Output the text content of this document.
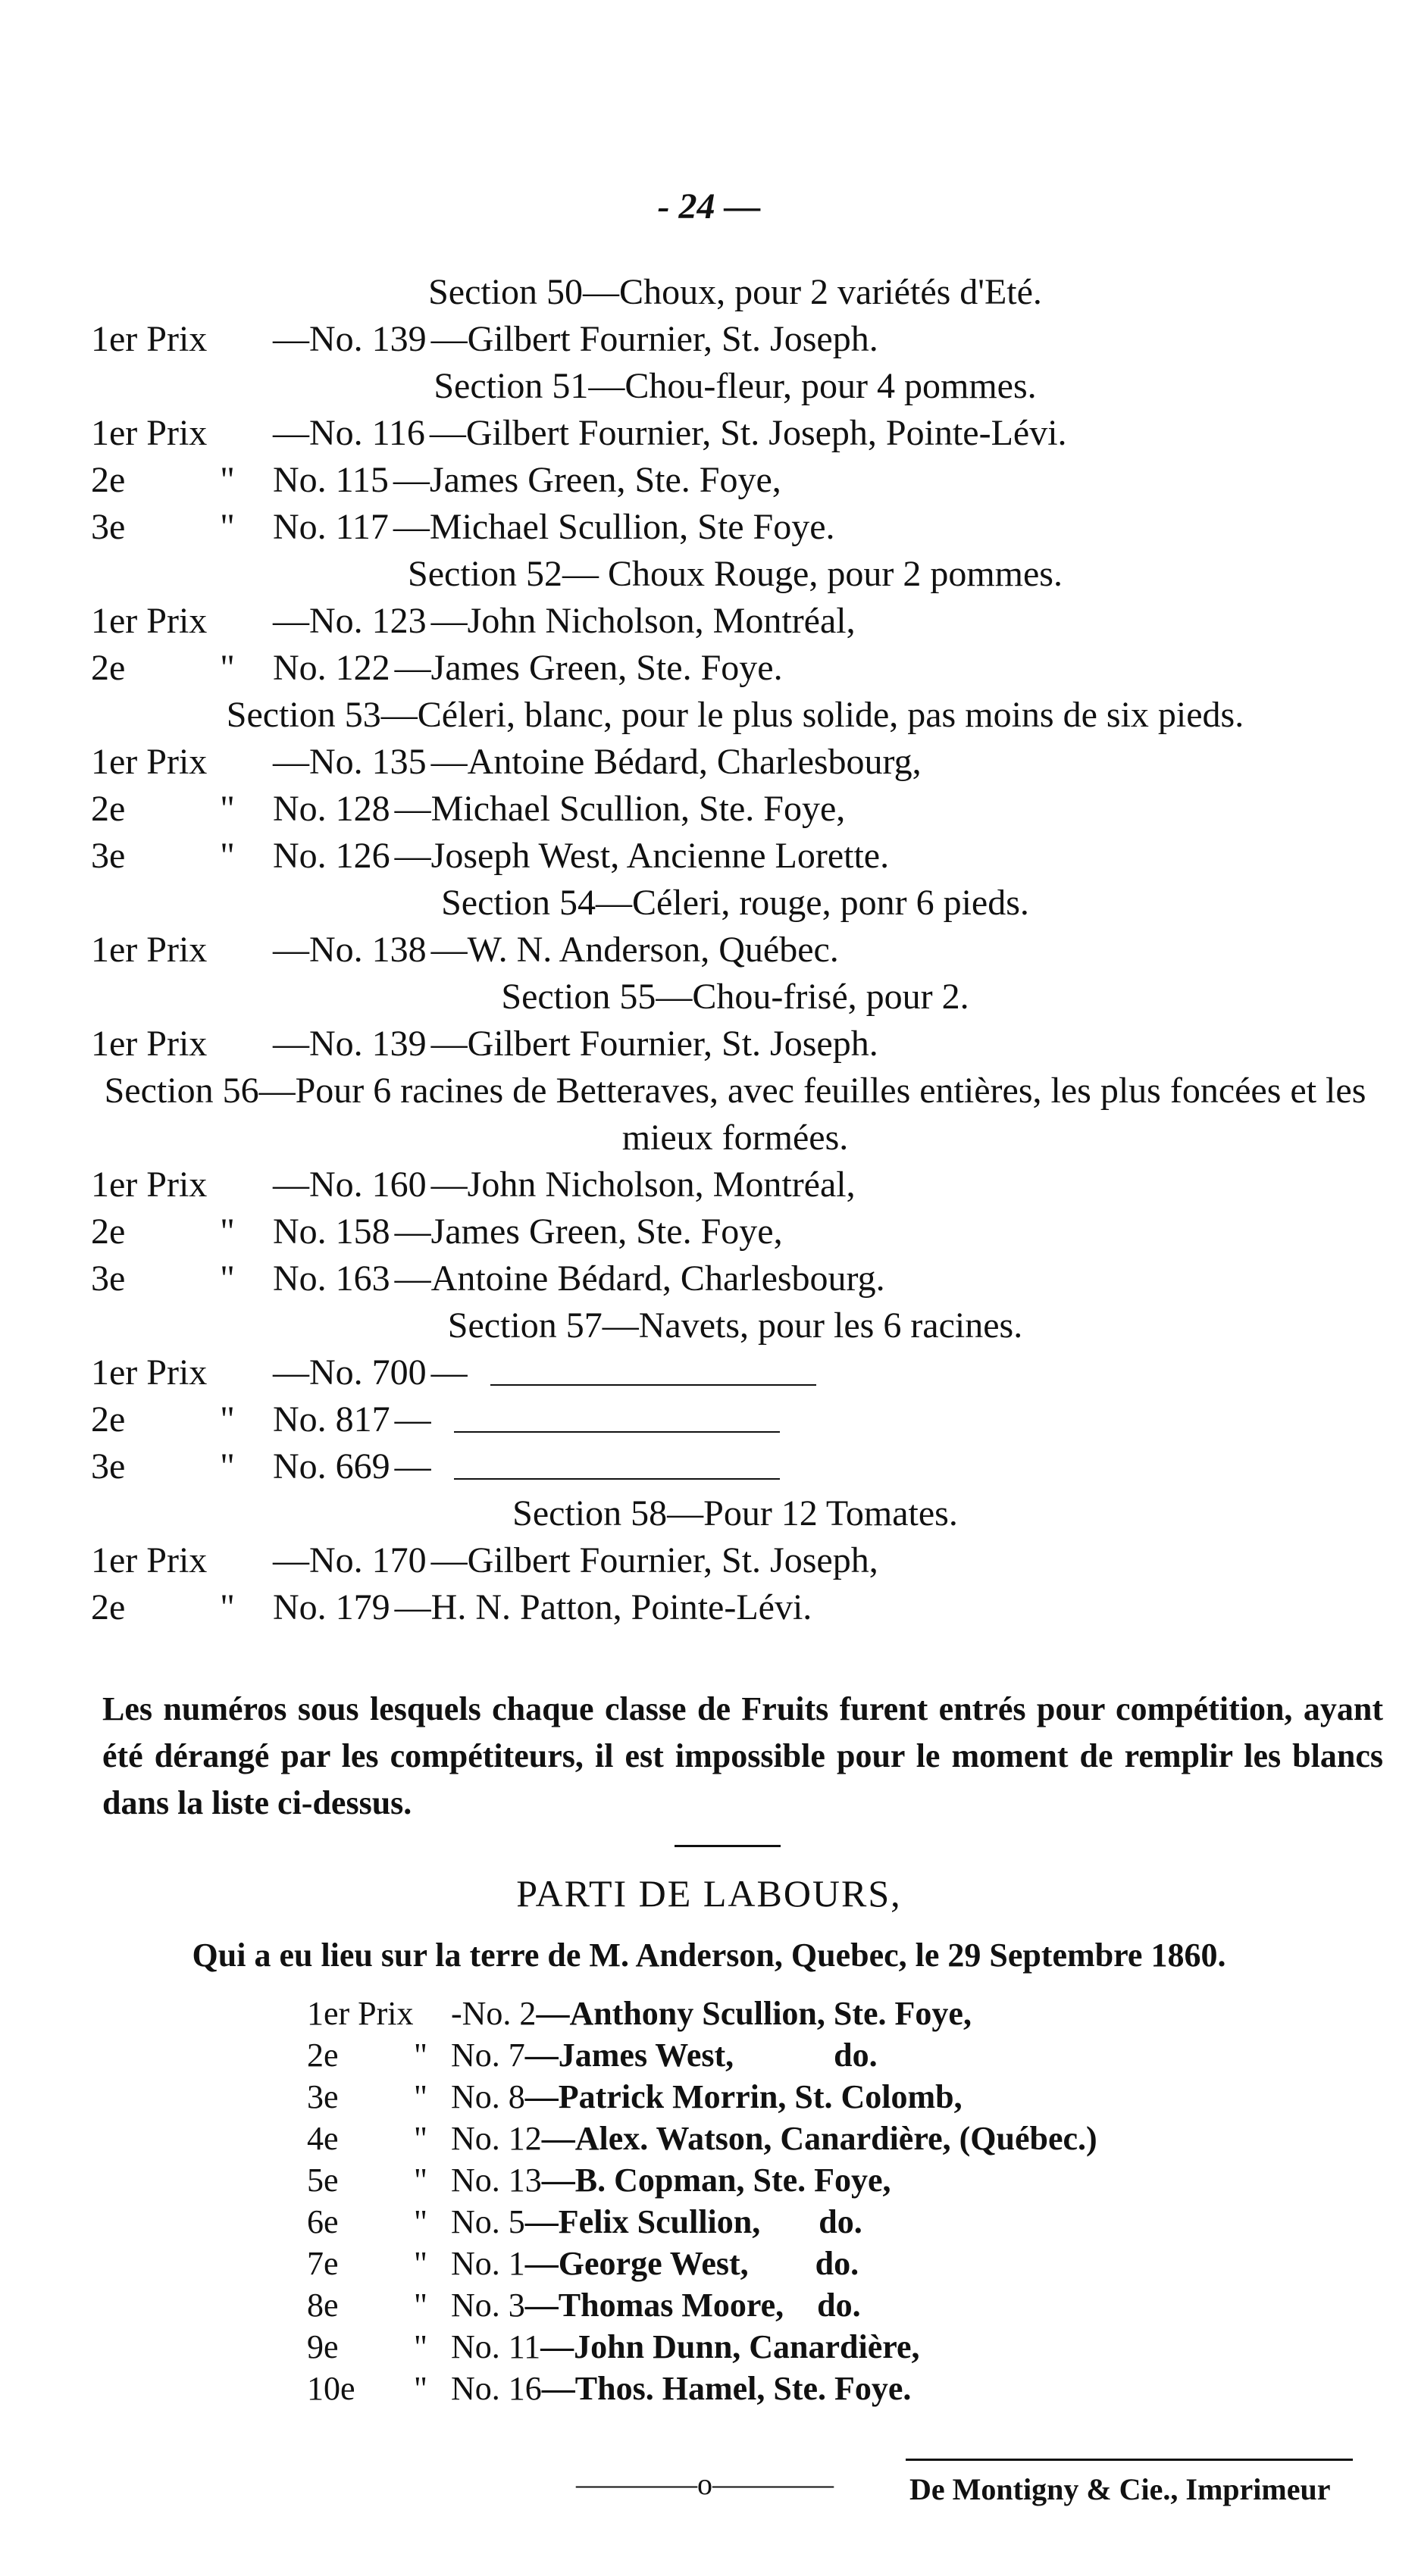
- 24 —
Section 50—Choux, pour 2 variétés d'Eté.
1er Prix	—No. 139 —Gilbert Fournier, St. Joseph.
Section 51—Chou-fleur, pour 4 pommes.
1er Prix	—No. 116 —Gilbert Fournier, St. Joseph, Pointe-Lévi.
2e	"	No. 115 —James Green, Ste. Foye,
3e	"	No. 117 —Michael Scullion, Ste Foye.
Section 52— Choux Rouge, pour 2 pommes.
1er Prix	—No. 123 —John Nicholson, Montréal,
2e	"	No. 122 —James Green, Ste. Foye.
Section 53—Céleri, blanc, pour le plus solide, pas moins de six pieds.
1er Prix	—No. 135 —Antoine Bédard, Charlesbourg,
2e	"	No. 128 —Michael Scullion, Ste. Foye,
3e	"	No. 126 —Joseph West, Ancienne Lorette.
Section 54—Céleri, rouge, ponr 6 pieds.
1er Prix	—No. 138 —W. N. Anderson, Québec.
Section 55—Chou-frisé, pour 2.
1er Prix	—No. 139 —Gilbert Fournier, St. Joseph.
Section 56—Pour 6 racines de Betteraves, avec feuilles entières, les plus foncées et les mieux formées.
1er Prix	—No. 160 —John Nicholson, Montréal,
2e	"	No. 158 —James Green, Ste. Foye,
3e	"	No. 163 —Antoine Bédard, Charlesbourg.
Section 57—Navets, pour les 6 racines.
1er Prix	—No. 700 —
2e	"	No. 817 —
3e	"	No. 669 —
Section 58—Pour 12 Tomates.
1er Prix	—No. 170 —Gilbert Fournier, St. Joseph,
2e	"	No. 179 —H. N. Patton, Pointe-Lévi.
Les numéros sous lesquels chaque classe de Fruits furent entrés pour compétition, ayant été dérangé par les compétiteurs, il est impossible pour le moment de remplir les blancs dans la liste ci-dessus.
PARTI DE LABOURS,
Qui a eu lieu sur la terre de M. Anderson, Quebec, le 29 Septembre 1860.
1er Prix	-No. 2 —Anthony Scullion, Ste. Foye,
2e	" No. 7 —James West,            do.
3e	" No. 8 —Patrick Morrin, St. Colomb,
4e	" No. 12 —Alex. Watson, Canardière, (Québec.)
5e	" No. 13 —B. Copman, Ste. Foye,
6e	" No. 5 —Felix Scullion,       do.
7e	" No. 1 —George West,        do.
8e	" No. 3 —Thomas Moore,    do.
9e	" No. 11 —John Dunn, Canardière,
10e	" No. 16 —Thos. Hamel, Ste. Foye.
————o————	De Montigny & Cie., Imprimeur
